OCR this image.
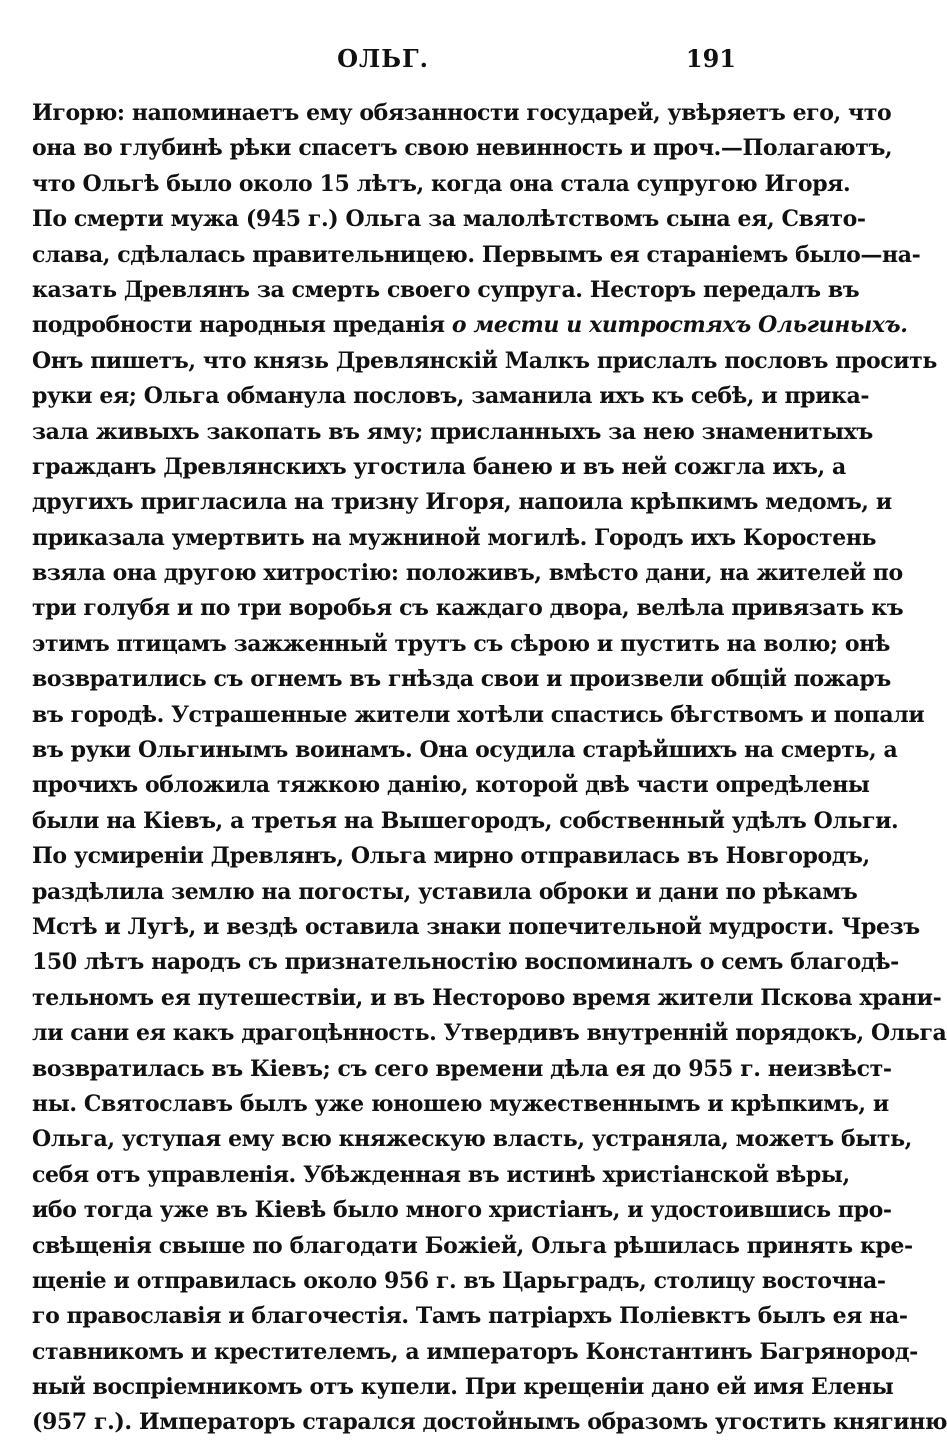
ОЛЬГ.	191
Игорю: напоминаетъ ему обязанности государей, увѣряетъ его, что
она во глубинѣ рѣки спасетъ свою невинность и проч.—Полагаютъ,
что Ольгѣ было около 15 лѣтъ, когда она стала супругою Игоря.
По смерти мужа (945 г.) Ольга за малолѣтствомъ сына ея, Свято-
слава, сдѣлалась правительницею. Первымъ ея стараніемъ было—на-
казать Древлянъ за смерть своего супруга. Несторъ передалъ въ
подробности народныя преданія о мести и хитростяхъ Ольгиныхъ.
Онъ пишетъ, что князь Древлянскій Малкъ прислалъ пословъ просить
руки ея; Ольга обманула пословъ, заманила ихъ къ себѣ, и прика-
зала живыхъ закопать въ яму; присланныхъ за нею знаменитыхъ
гражданъ Древлянскихъ угостила банею и въ ней сожгла ихъ, а
другихъ пригласила на тризну Игоря, напоила крѣпкимъ медомъ, и
приказала умертвить на мужниной могилѣ. Городъ ихъ Коростень
взяла она другою хитростію: положивъ, вмѣсто дани, на жителей по
три голубя и по три воробья съ каждаго двора, велѣла привязать къ
этимъ птицамъ зажженный трутъ съ сѣрою и пустить на волю; онѣ
возвратились съ огнемъ въ гнѣзда свои и произвели общій пожаръ
въ городѣ. Устрашенные жители хотѣли спастись бѣгствомъ и попали
въ руки Ольгинымъ воинамъ. Она осудила старѣйшихъ на смерть, а
прочихъ обложила тяжкою данію, которой двѣ части опредѣлены
были на Кіевъ, а третья на Вышегородъ, собственный удѣлъ Ольги.
По усмиреніи Древлянъ, Ольга мирно отправилась въ Новгородъ,
раздѣлила землю на погосты, уставила оброки и дани по рѣкамъ
Мстѣ и Лугѣ, и вездѣ оставила знаки попечительной мудрости. Чрезъ
150 лѣтъ народъ съ признательностію воспоминалъ о семъ благодѣ-
тельномъ ея путешествіи, и въ Несторово время жители Пскова храни-
ли сани ея какъ драгоцѣнность. Утвердивъ внутренній порядокъ, Ольга
возвратилась въ Кіевъ; съ сего времени дѣла ея до 955 г. неизвѣст-
ны. Святославъ былъ уже юношею мужественнымъ и крѣпкимъ, и
Ольга, уступая ему всю княжескую власть, устраняла, можетъ быть,
себя отъ управленія. Убѣжденная въ истинѣ христіанской вѣры,
ибо тогда уже въ Кіевѣ было много христіанъ, и удостоившись про-
свѣщенія свыше по благодати Божіей, Ольга рѣшилась принять кре-
щеніе и отправилась около 956 г. въ Царьградъ, столицу восточна-
го православія и благочестія. Тамъ патріархъ Поліевктъ былъ ея на-
ставникомъ и крестителемъ, а императоръ Константинъ Багрянород-
ный воспріемникомъ отъ купели. При крещеніи дано ей имя Елены
(957 г.). Императоръ старался достойнымъ образомъ угостить княгиню
